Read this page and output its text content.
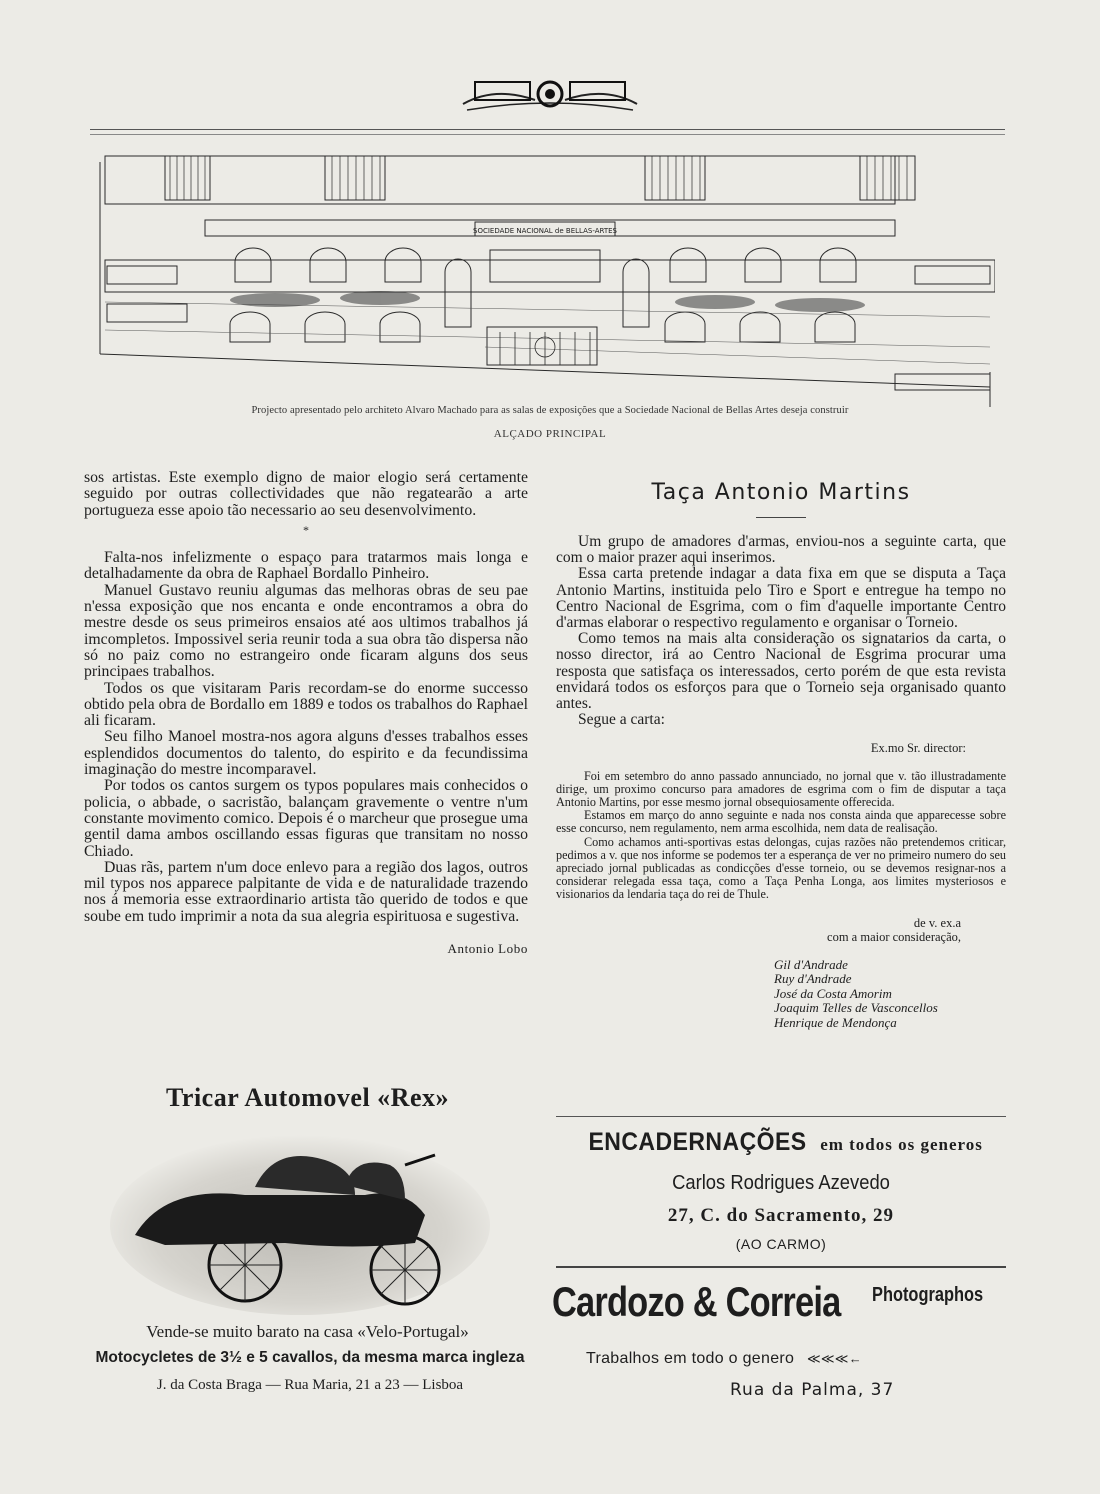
SOCIEDADE NACIONAL de BELLAS-ARTES
Projecto apresentado pelo architeto Alvaro Machado para as salas de exposições que a Sociedade Nacional de Bellas Artes deseja construir
ALÇADO PRINCIPAL

sos artistas. Este exemplo digno de maior elogio será certamente seguido por outras collectividades que não regatearão a arte portugueza esse apoio tão necessario ao seu desenvolvimento.

*

Falta-nos infelizmente o espaço para tratarmos mais longa e detalhadamente da obra de Raphael Bordallo Pinheiro.

Manuel Gustavo reuniu algumas das melhoras obras de seu pae n'essa exposição que nos encanta e onde encontramos a obra do mestre desde os seus primeiros ensaios até aos ultimos trabalhos já imcompletos. Impossivel seria reunir toda a sua obra tão dispersa não só no paiz como no estrangeiro onde ficaram alguns dos seus principaes trabalhos.

Todos os que visitaram Paris recordam-se do enorme successo obtido pela obra de Bordallo em 1889 e todos os trabalhos do Raphael ali ficaram.

Seu filho Manoel mostra-nos agora alguns d'esses trabalhos esses esplendidos documentos do talento, do espirito e da fecundissima imaginação do mestre incomparavel.

Por todos os cantos surgem os typos populares mais conhecidos o policia, o abbade, o sacristão, balançam gravemente o ventre n'um constante movimento comico. Depois é o marcheur que prosegue uma gentil dama ambos oscillando essas figuras que transitam no nosso Chiado.

Duas rãs, partem n'um doce enlevo para a região dos lagos, outros mil typos nos apparece palpitante de vida e de naturalidade trazendo nos á memoria esse extraordinario artista tão querido de todos e que soube em tudo imprimir a nota da sua alegria espirituosa e sugestiva.

Antonio Lobo

Taça Antonio Martins

Um grupo de amadores d'armas, enviou-nos a seguinte carta, que com o maior prazer aqui inserimos.

Essa carta pretende indagar a data fixa em que se disputa a Taça Antonio Martins, instituida pelo Tiro e Sport e entregue ha tempo no Centro Nacional de Esgrima, com o fim d'aquelle importante Centro d'armas elaborar o respectivo regulamento e organisar o Torneio.

Como temos na mais alta consideração os signatarios da carta, o nosso director, irá ao Centro Nacional de Esgrima procurar uma resposta que satisfaça os interessados, certo porém de que esta revista envidará todos os esforços para que o Torneio seja organisado quanto antes.

Segue a carta:

Ex.mo Sr. director:

Foi em setembro do anno passado annunciado, no jornal que v. tão illustradamente dirige, um proximo concurso para amadores de esgrima com o fim de disputar a taça Antonio Martins, por esse mesmo jornal obsequiosamente offerecida.

Estamos em março do anno seguinte e nada nos consta ainda que apparecesse sobre esse concurso, nem regulamento, nem arma escolhida, nem data de realisação.

Como achamos anti-sportivas estas delongas, cujas razões não pretendemos criticar, pedimos a v. que nos informe se podemos ter a esperança de ver no primeiro numero do seu apreciado jornal publicadas as condicções d'esse torneio, ou se devemos resignar-nos a considerar relegada essa taça, como a Taça Penha Longa, aos limites mysteriosos e visionarios da lendaria taça do rei de Thule.

de v. ex.a
com a maior consideração,
Gil d'Andrade
Ruy d'Andrade
José da Costa Amorim
Joaquim Telles de Vasconcellos
Henrique de Mendonça
Tricar Automovel «Rex»
Vende-se muito barato na casa «Velo-Portugal»
Motocycletes de 3½ e 5 cavallos, da mesma marca ingleza
J. da Costa Braga — Rua Maria, 21 a 23 — Lisboa
ENCADERNAÇÕES em todos os generos
Carlos Rodrigues Azevedo
27, C. do Sacramento, 29
(AO CARMO)
Cardozo & Correia Photographos
Trabalhos em todo o genero ≪≪≪←
Rua da Palma, 37
